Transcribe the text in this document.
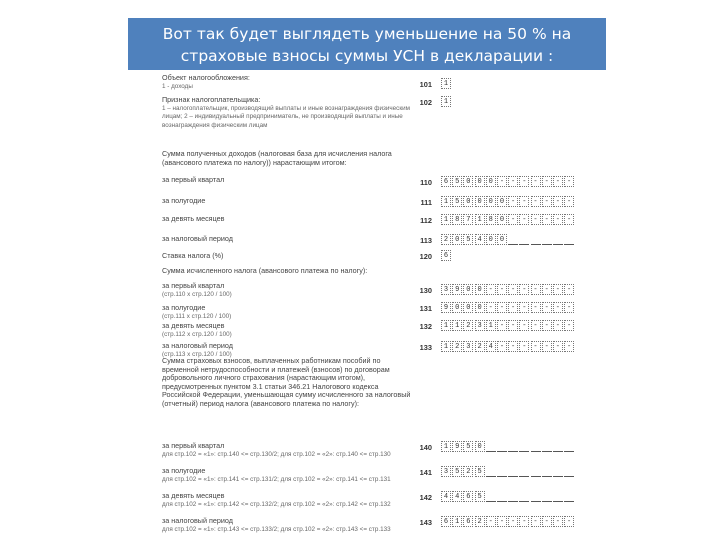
Вот так будет выглядеть уменьшение на 50 % на
страховые взносы суммы УСН в декларации :
Объект налогообложения:
1 - доходы	101	1
Признак налогоплательщика:
1 – налогоплательщик, производящий выплаты и иные вознаграждения физическим лицам; 2 – индивидуальный предприниматель, не производящий выплаты и иные вознаграждения физическим лицам
102	1
Сумма полученных доходов (налоговая база для исчисления налога (авансового платежа по налогу)) нарастающим итогом:
за первый квартал	110	6 5 0 0 0 - - - - - - -
за полугодие	111	1 5 0 0 0 0 - - - - - -
за девять месяцев	112	1 8 7 1 8 0 - - - - - -
за налоговый период	113	2 0 5 4 0 0
Ставка налога (%)	120	6
Сумма исчисленного налога (авансового платежа по налогу):
за первый квартал
(стр.110 х стр.120 / 100)	130	3 9 0 0 - - - - - - - -
за полугодие
(стр.111 х стр.120 / 100)
131	9 0 0 0 - - - - - - - -
за девять месяцев
(стр.112 х стр.120 / 100)
132	1 1 2 3 1 - - - - - - -
за налоговый период
(стр.113 х стр.120 / 100)
133	1 2 3 2 4 - - - - - - -
Сумма страховых взносов, выплаченных работникам пособий по временной нетрудоспособности и платежей (взносов) по договорам добровольного личного страхования (нарастающим итогом), предусмотренных пунктом 3.1 статьи 346.21 Налогового кодекса Российской Федерации, уменьшающая сумму исчисленного за налоговый (отчетный) период налога (авансового платежа по налогу):
за первый квартал
для стр.102 = «1»: стр.140 <= стр.130/2; для стр.102 = «2»: стр.140 <= стр.130
140	1 9 5 0
за полугодие
для стр.102 = «1»: стр.141 <= стр.131/2; для стр.102 = «2»: стр.141 <= стр.131
141	3 5 2 5
за девять месяцев
для стр.102 = «1»: стр.142 <= стр.132/2; для стр.102 = «2»: стр.142 <= стр.132
142	4 4 6 5
за налоговый период
для стр.102 = «1»: стр.143 <= стр.133/2; для стр.102 = «2»: стр.143 <= стр.133
143	6 1 6 2 - - - - - - - -
